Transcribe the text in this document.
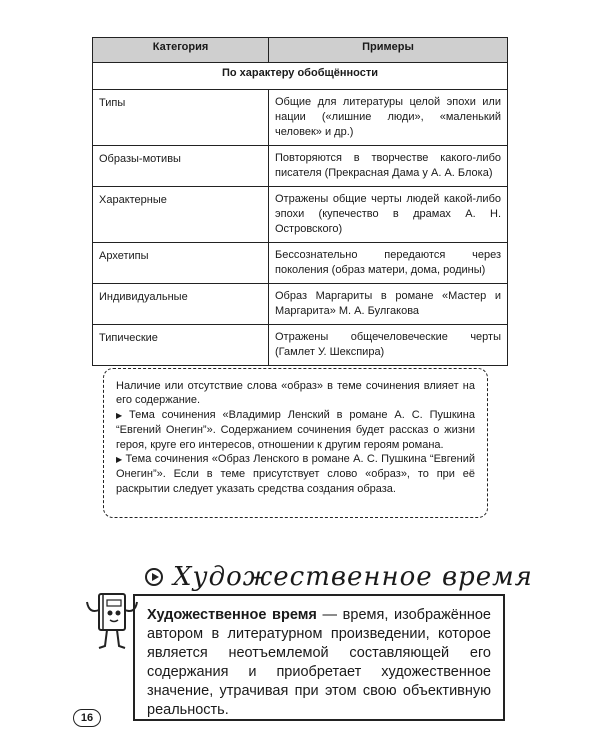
Категория	Примеры
По характеру обобщённости	
Типы	Общие для литературы целой эпохи или нации («лишние люди», «маленький человек» и др.)
Образы-мотивы	Повторяются в творчестве какого-либо писателя (Прекрасная Дама у А. А. Блока)
Характерные	Отражены общие черты людей какой-либо эпохи (купечество в драмах А. Н. Островского)
Архетипы	Бессознательно передаются через поколения (образ матери, дома, родины)
Индивидуальные	Образ Маргариты в романе «Мастер и Маргарита» М. А. Булгакова
Типические	Отражены общечеловеческие черты (Гамлет У. Шекспира)

Наличие или отсутствие слова «образ» в теме сочинения влияет на его содержание.

▶ Тема сочинения «Владимир Ленский в романе А. С. Пушкина “Евгений Онегин”». Содержанием сочинения будет рассказ о жизни героя, круге его интересов, отношении к другим героям романа.

▶ Тема сочинения «Образ Ленского в романе А. С. Пушкина “Евгений Онегин”». Если в теме присутствует слово «образ», то при её раскрытии следует указать средства создания образа.

Художественное время
Художественное время — время, изображённое автором в литературном произведении, которое является неотъемлемой составляющей его содержания и приобретает художественное значение, утрачивая при этом свою объективную реальность.
16
